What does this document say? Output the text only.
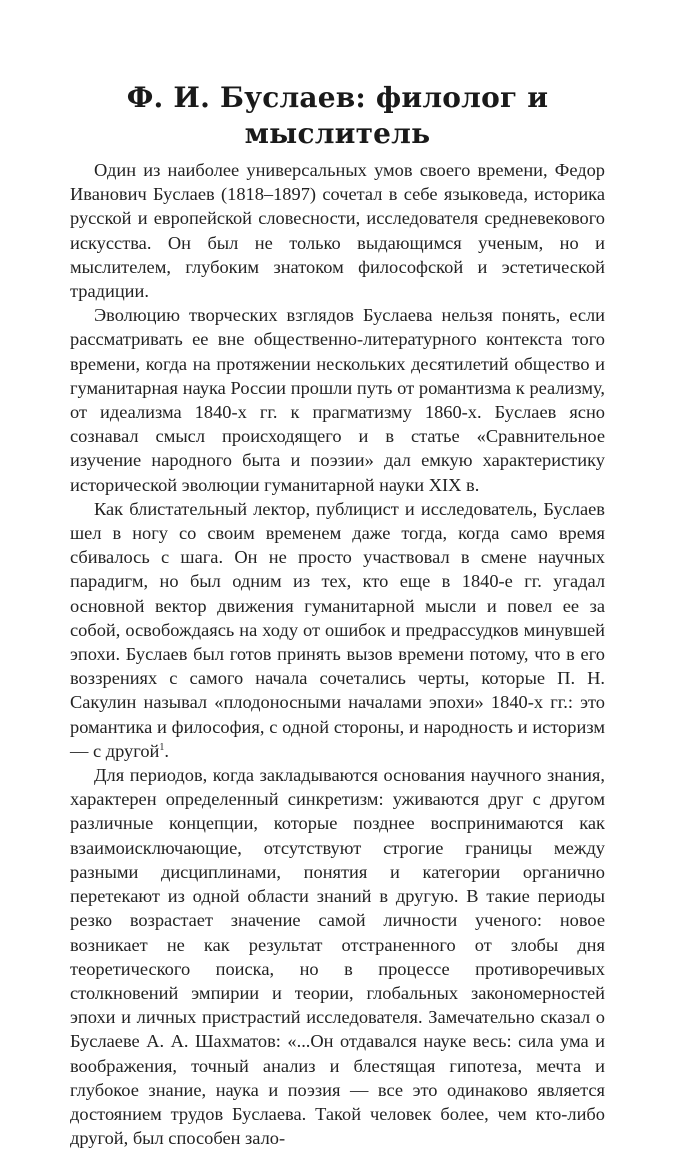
Ф. И. Буслаев: филолог и мыслитель

Один из наиболее универсальных умов своего времени, Федор Иванович Буслаев (1818–1897) сочетал в себе языковеда, историка русской и европейской словесности, исследователя средневекового искусства. Он был не только выдающимся ученым, но и мыслителем, глубоким знатоком философской и эстетической традиции.

Эволюцию творческих взглядов Буслаева нельзя понять, если рассматривать ее вне общественно-литературного контекста того времени, когда на протяжении нескольких десятилетий общество и гуманитарная наука России прошли путь от романтизма к реализму, от идеализма 1840-х гг. к прагматизму 1860-х. Буслаев ясно сознавал смысл происходящего и в статье «Сравнительное изучение народного быта и поэзии» дал емкую характеристику исторической эволюции гуманитарной науки XIX в.

Как блистательный лектор, публицист и исследователь, Буслаев шел в ногу со своим временем даже тогда, когда само время сбивалось с шага. Он не просто участвовал в смене научных парадигм, но был одним из тех, кто еще в 1840-е гг. угадал основной вектор движения гуманитарной мысли и повел ее за собой, освобождаясь на ходу от ошибок и предрассудков минувшей эпохи. Буслаев был готов принять вызов времени потому, что в его воззрениях с самого начала сочетались черты, которые П. Н. Сакулин называл «плодоносными началами эпохи» 1840-х гг.: это романтика и философия, с одной стороны, и народность и историзм — с другой$^1$.

Для периодов, когда закладываются основания научного знания, характерен определенный синкретизм: уживаются друг с другом различные концепции, которые позднее воспринимаются как взаимоисключающие, отсутствуют строгие границы между разными дисциплинами, понятия и категории органично перетекают из одной области знаний в другую. В такие периоды резко возрастает значение самой личности ученого: новое возникает не как результат отстраненного от злобы дня теоретического поиска, но в процессе противоречивых столкновений эмпирии и теории, глобальных закономерностей эпохи и личных пристрастий исследователя. Замечательно сказал о Буслаеве А. А. Шахматов: «...Он отдавался науке весь: сила ума и воображения, точный анализ и блестящая гипотеза, мечта и глубокое знание, наука и поэзия — все это одинаково является достоянием трудов Буслаева. Такой человек более, чем кто-либо другой, был способен зало-
